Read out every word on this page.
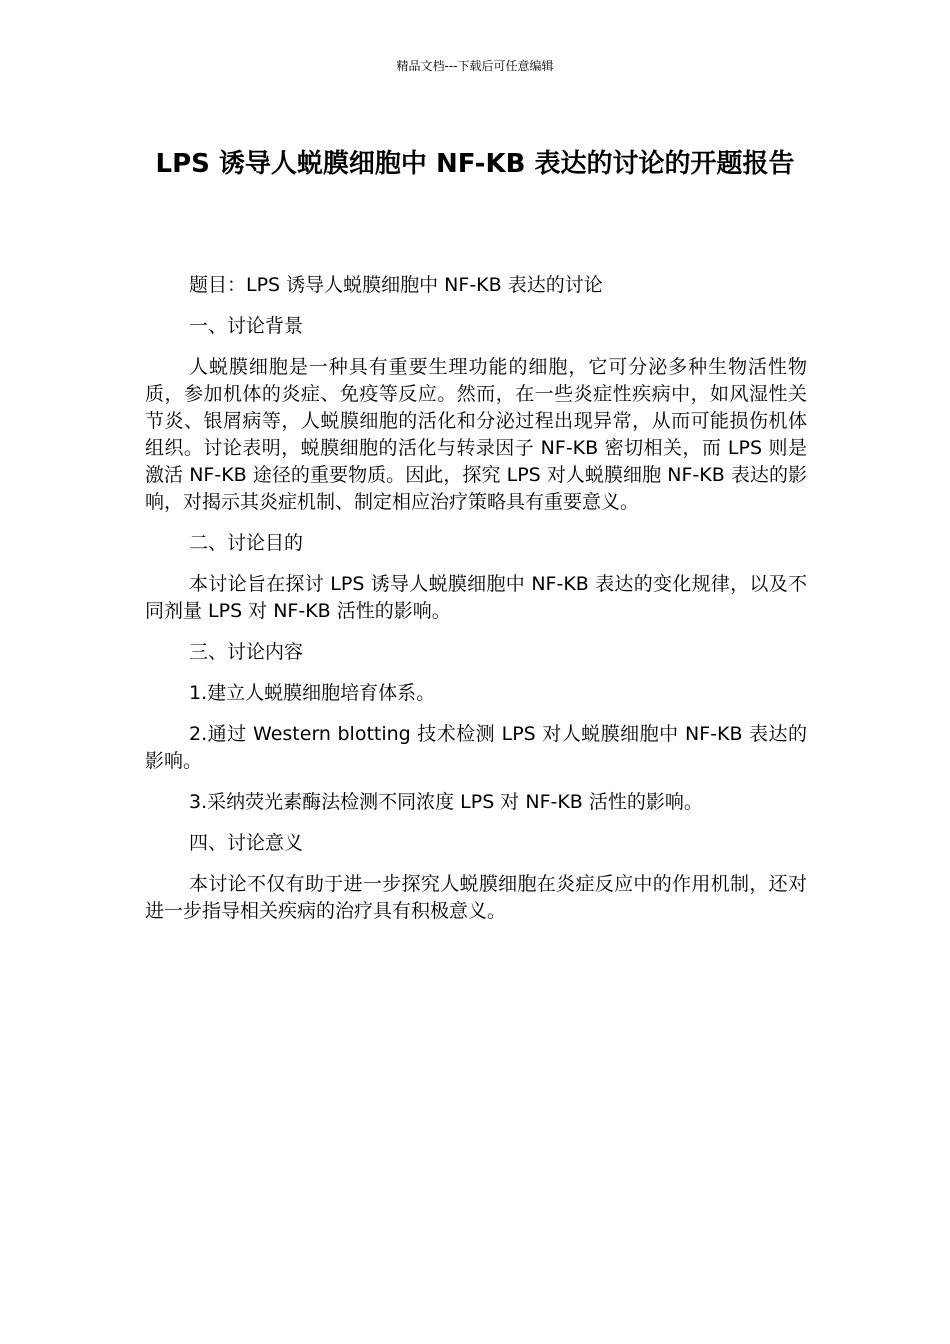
精品文档---下载后可任意编辑
LPS 诱导人蜕膜细胞中 NF-KB 表达的讨论的开题报告

题目：LPS 诱导人蜕膜细胞中 NF-KB 表达的讨论

一、讨论背景

人蜕膜细胞是一种具有重要生理功能的细胞，它可分泌多种生物活性物质，参加机体的炎症、免疫等反应。然而，在一些炎症性疾病中，如风湿性关节炎、银屑病等，人蜕膜细胞的活化和分泌过程出现异常，从而可能损伤机体组织。讨论表明，蜕膜细胞的活化与转录因子 NF-KB 密切相关，而 LPS 则是激活 NF-KB 途径的重要物质。因此，探究 LPS 对人蜕膜细胞 NF-KB 表达的影响，对揭示其炎症机制、制定相应治疗策略具有重要意义。

二、讨论目的

本讨论旨在探讨 LPS 诱导人蜕膜细胞中 NF-KB 表达的变化规律，以及不同剂量 LPS 对 NF-KB 活性的影响。

三、讨论内容

1.建立人蜕膜细胞培育体系。

2.通过 Western blotting 技术检测 LPS 对人蜕膜细胞中 NF-KB 表达的影响。

3.采纳荧光素酶法检测不同浓度 LPS 对 NF-KB 活性的影响。

四、讨论意义

本讨论不仅有助于进一步探究人蜕膜细胞在炎症反应中的作用机制，还对进一步指导相关疾病的治疗具有积极意义。
